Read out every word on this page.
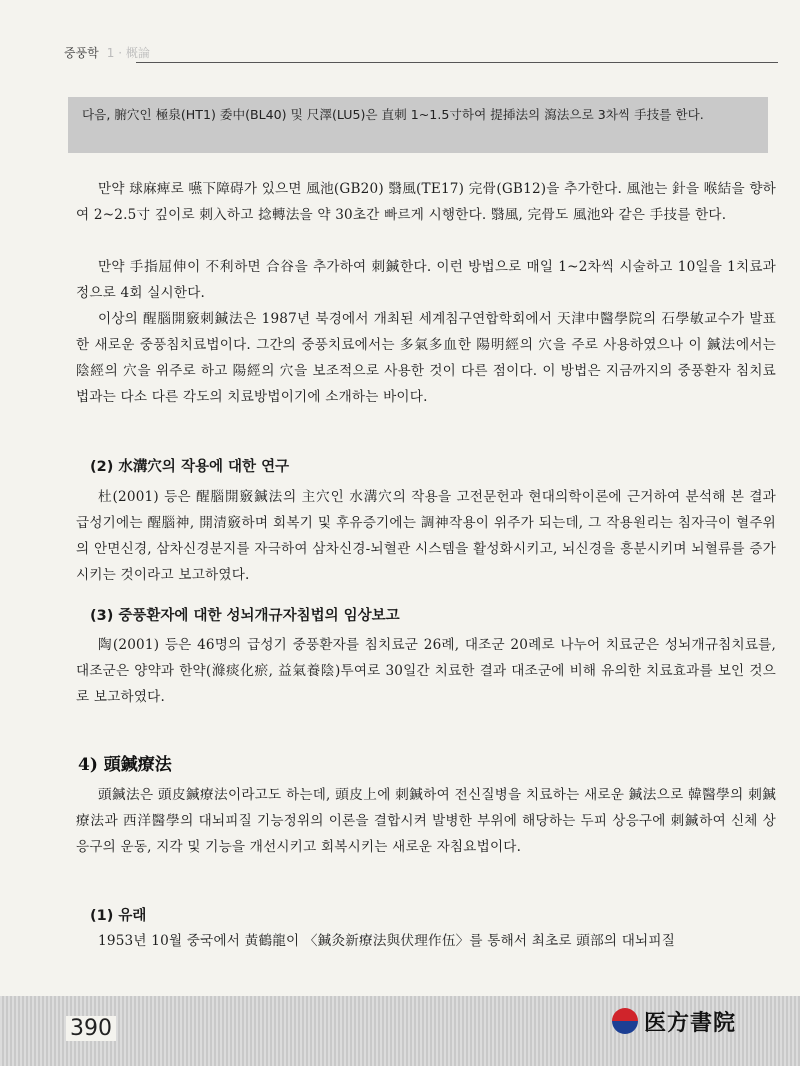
중풍학 1 · 概論
다음, 腑穴인 極泉(HT1) 委中(BL40) 및 尺澤(LU5)은 直刺 1~1.5寸하여 提揷法의 瀉法으로 3차씩 手技를 한다.

만약 球麻痺로 嚥下障碍가 있으면 風池(GB20) 翳風(TE17) 完骨(GB12)을 추가한다. 風池는 針을 喉結을 향하여 2~2.5寸 깊이로 刺入하고 捻轉法을 약 30초간 빠르게 시행한다. 翳風, 完骨도 風池와 같은 手技를 한다.

만약 手指屈伸이 不利하면 合谷을 추가하여 刺鍼한다. 이런 방법으로 매일 1~2차씩 시술하고 10일을 1치료과정으로 4회 실시한다.

이상의 醒腦開竅刺鍼法은 1987년 북경에서 개최된 세계침구연합학회에서 天津中醫學院의 石學敏교수가 발표한 새로운 중풍침치료법이다. 그간의 중풍치료에서는 多氣多血한 陽明經의 穴을 주로 사용하였으나 이 鍼法에서는 陰經의 穴을 위주로 하고 陽經의 穴을 보조적으로 사용한 것이 다른 점이다. 이 방법은 지금까지의 중풍환자 침치료법과는 다소 다른 각도의 치료방법이기에 소개하는 바이다.

(2) 水溝穴의 작용에 대한 연구

杜(2001) 등은 醒腦開竅鍼法의 主穴인 水溝穴의 작용을 고전문헌과 현대의학이론에 근거하여 분석해 본 결과 급성기에는 醒腦神, 開清竅하며 회복기 및 후유증기에는 調神작용이 위주가 되는데, 그 작용원리는 침자극이 혈주위의 안면신경, 삼차신경분지를 자극하여 삼차신경-뇌혈관 시스템을 활성화시키고, 뇌신경을 흥분시키며 뇌혈류를 증가시키는 것이라고 보고하였다.

(3) 중풍환자에 대한 성뇌개규자침법의 임상보고

陶(2001) 등은 46명의 급성기 중풍환자를 침치료군 26례, 대조군 20례로 나누어 치료군은 성뇌개규침치료를, 대조군은 양약과 한약(滌痰化瘀, 益氣養陰)투여로 30일간 치료한 결과 대조군에 비해 유의한 치료효과를 보인 것으로 보고하였다.

4) 頭鍼療法

頭鍼法은 頭皮鍼療法이라고도 하는데, 頭皮上에 刺鍼하여 전신질병을 치료하는 새로운 鍼法으로 韓醫學의 刺鍼療法과 西洋醫學의 대뇌피질 기능정위의 이론을 결합시켜 발병한 부위에 해당하는 두피 상응구에 刺鍼하여 신체 상응구의 운동, 지각 및 기능을 개선시키고 회복시키는 새로운 자침요법이다.

(1) 유래

1953년 10월 중국에서 黃鶴龍이 〈鍼灸新療法與伏理作伍〉를 통해서 최초로 頭部의 대뇌피질

390	医方書院
